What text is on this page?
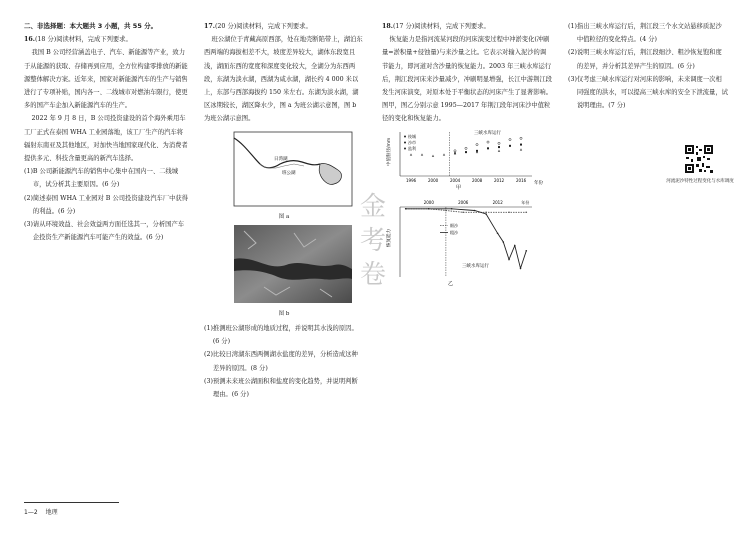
二、非选择题：本大题共 3 小题，共 55 分。

16.(18 分)阅读材料，完成下列要求。

我国 B 公司经营涵盖电子、汽车、新能源等产业，致力于从能源的获取、存储再到应用，全方位构建零排放的新能源整体解决方案。近年来，国家对新能源汽车的生产与销售进行了专项补贴，国内各一、二线城市对燃油车限行，使更多的国产车企加入新能源汽车的生产。

2022 年 9 月 8 日，B 公司投资建设的首个海外乘用车工厂正式在泰国 WHA 工业园落地，该工厂生产的汽车将辐射东南亚及其他地区，对加快当地国家现代化、为消费者提供多元、科技含量更高的新汽车选择。

(1)B 公司新能源汽车的销售中心集中在国内一、二线城市，试分析其主要原因。(6 分)

(2)简述泰国 WHA 工业园对 B 公司投资建设汽车厂中获得的利益。(6 分)

(3)请从环境效益、社会效益两方面任选其一，分析国产车企投资生产新能源汽车可能产生的效益。(6 分)

17.(20 分)阅读材料，完成下列要求。

班公湖位于青藏高原西部，处在地壳断陷带上，湖泊东西两端的海拔相差不大，坡度差异较大，湖体东段宽且浅，湖面东西的宽度和深度变化较大，全湖分为东西两段，东湖为淡水湖，西湖为咸水湖，湖长约 4 000 米以上，东部与西部海拔约 150 米左右。东湖为淡水湖，湖区冰期较长，湖区降水少，图 a 为班公湖示意图，图 b 为班公湖示意图。

日湾湖
班公湖
图 a
图 b

(1)推测班公湖形成的地质过程，并说明其水浅的原因。(6 分)

(2)比较日湾湖东西两侧湖水盐度的差异，分析造成这种差异的原因。(8 分)

(3)预测未来班公湖面积和盐度的变化趋势，并说明判断理由。(6 分)

18.(17 分)阅读材料，完成下列要求。

恢复能力是指河流某河段的河床演变过程中冲淤变化(冲刷量=淤积量+侵蚀量)与来沙量之比。它表示对输入泥沙的调节能力，即河道对含沙量的恢复能力。2003 年三峡水库运行后，荆江段河床来沙量减少，冲刷明显增强，长江中游荆江段发生河床演变，对原本处于平衡状态的河床产生了显著影响。图甲，图乙分别示意 1995—2017 年荆江段年河床沙中值粒径的变化和恢复能力。

1996	2000	2004	2008	2012	2016
三峡水库运行
中值粒径/mm
年份
枝城
沙市
监利
甲

2000	2006	2012	年份
三峡水库运行
恢复能力
细沙
粗沙
乙

(1)指出三峡水库运行后，荆江段三个水文站悬移质泥沙中值粒径的变化特点。(4 分)

(2)说明三峡水库运行后，荆江段细沙、粗沙恢复饱和度的差异，并分析其差异产生的原因。(6 分)

(3)仅考虑三峡水库运行对河床的影响，未来调度一次相同强度的洪水，可以提高三峡水库的安全下泄流量，试说明理由。(7 分)

河流泥沙特性过程变化与水库调度
金考卷
1—2 地理
